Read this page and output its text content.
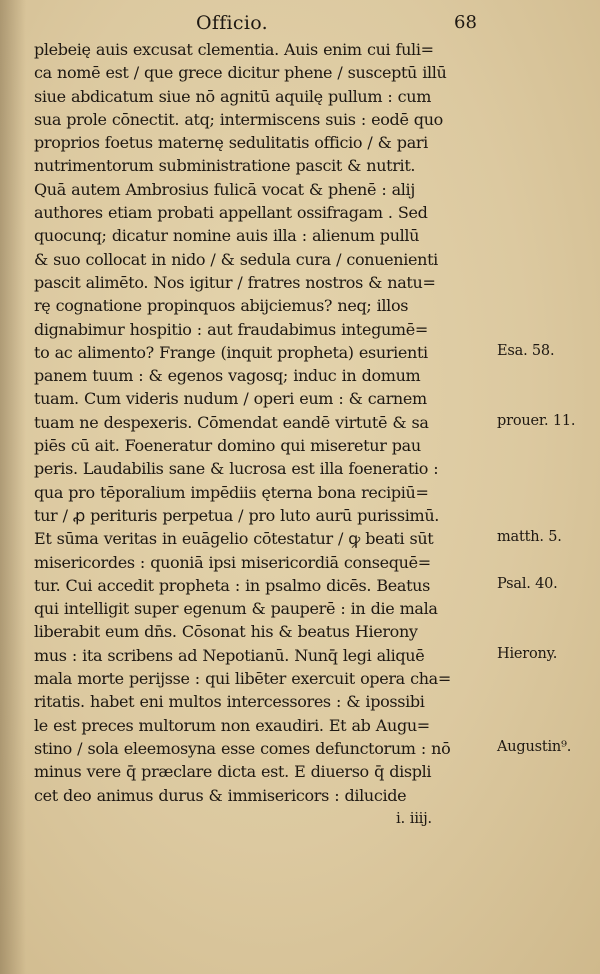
Officio.	68
plebeię auis excusat clementia. Auis enim cui fuli=
ca nomē est / que grece dicitur phene / susceptū illū
siue abdicatum siue nō agnitū aquilę pullum : cum
sua prole cōnectit. atq; intermiscens suis : eodē quo
proprios foetus maternę sedulitatis officio / & pari
nutrimentorum subministratione pascit & nutrit.
Quā autem Ambrosius fulicā vocat & phenē : alij
authores etiam probati appellant ossifragam . Sed
quocunq; dicatur nomine auis illa : alienum pullū
& suo collocat in nido / & sedula cura / conuenienti
pascit alimēto. Nos igitur / fratres nostros & natu=
rę cognatione propinquos abijciemus? neq; illos
dignabimur hospitio : aut fraudabimus integumē=
to ac alimento? Frange (inquit propheta) esurienti
panem tuum : & egenos vagosq; induc in domum
tuam. Cum videris nudum / operi eum : & carnem
tuam ne despexeris. Cōmendat eandē virtutē & sa
piēs cū ait. Foeneratur domino qui miseretur pau
peris. Laudabilis sane & lucrosa est illa foeneratio :
qua pro tēporalium impēdiis ęterna bona recipiū=
tur / ꝓ perituris perpetua / pro luto aurū purissimū.
Et sūma veritas in euāgelio cōtestatur / ꝙ beati sūt
misericordes : quoniā ipsi misericordiā consequē=
tur. Cui accedit propheta : in psalmo dicēs. Beatus
qui intelligit super egenum & pauperē : in die mala
liberabit eum dn̄s. Cōsonat his & beatus Hierony
mus : ita scribens ad Nepotianū. Nunq̄ legi aliquē
mala morte perijsse : qui libēter exercuit opera cha=
ritatis. habet eni multos intercessores : & ipossibi
le est preces multorum non exaudiri. Et ab Augu=
stino / sola eleemosyna esse comes defunctorum : nō
minus vere q̄ præclare dicta est. E diuerso q̄ displi
cet deo animus durus & immisericors : dilucide
i. iiij.
Esa. 58.
prouer. 11.
matth. 5.
Psal. 40.
Hierony.
Augustin⁹.
